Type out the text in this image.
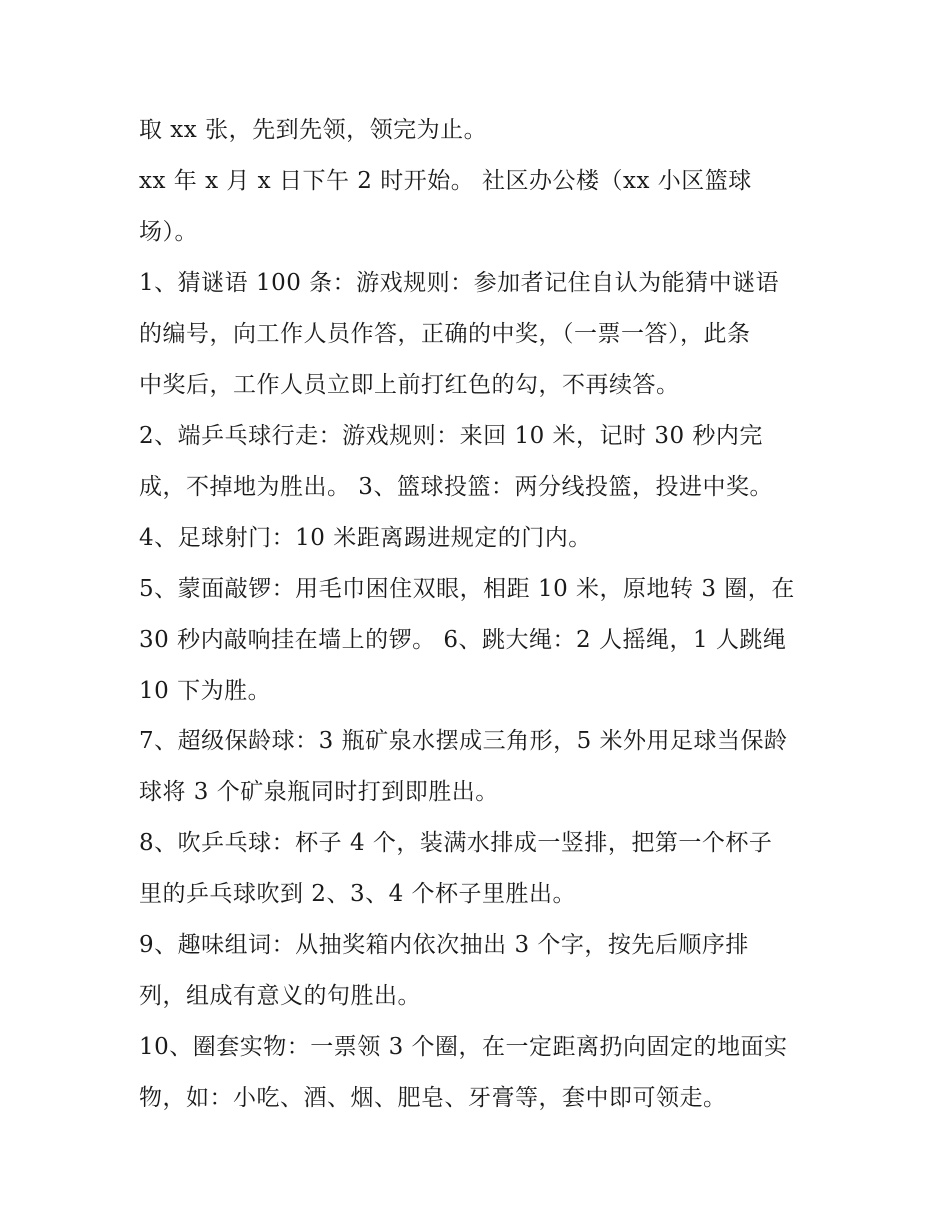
取 xx 张，先到先领，领完为止。
xx 年 x 月 x 日下午 2 时开始。 社区办公楼（xx 小区篮球
场）。
1、猜谜语 100 条：游戏规则：参加者记住自认为能猜中谜语
的编号，向工作人员作答，正确的中奖，（一票一答），此条
中奖后，工作人员立即上前打红色的勾，不再续答。
2、端乒乓球行走：游戏规则：来回 10 米，记时 30 秒内完
成，不掉地为胜出。 3、篮球投篮：两分线投篮，投进中奖。
4、足球射门：10 米距离踢进规定的门内。
5、蒙面敲锣：用毛巾困住双眼，相距 10 米，原地转 3 圈，在
30 秒内敲响挂在墙上的锣。 6、跳大绳：2 人摇绳，1 人跳绳
10 下为胜。
7、超级保龄球：3 瓶矿泉水摆成三角形，5 米外用足球当保龄
球将 3 个矿泉瓶同时打到即胜出。
8、吹乒乓球：杯子 4 个，装满水排成一竖排，把第一个杯子
里的乒乓球吹到 2、3、4 个杯子里胜出。
9、趣味组词：从抽奖箱内依次抽出 3 个字，按先后顺序排
列，组成有意义的句胜出。
10、圈套实物：一票领 3 个圈，在一定距离扔向固定的地面实
物，如：小吃、酒、烟、肥皂、牙膏等，套中即可领走。
